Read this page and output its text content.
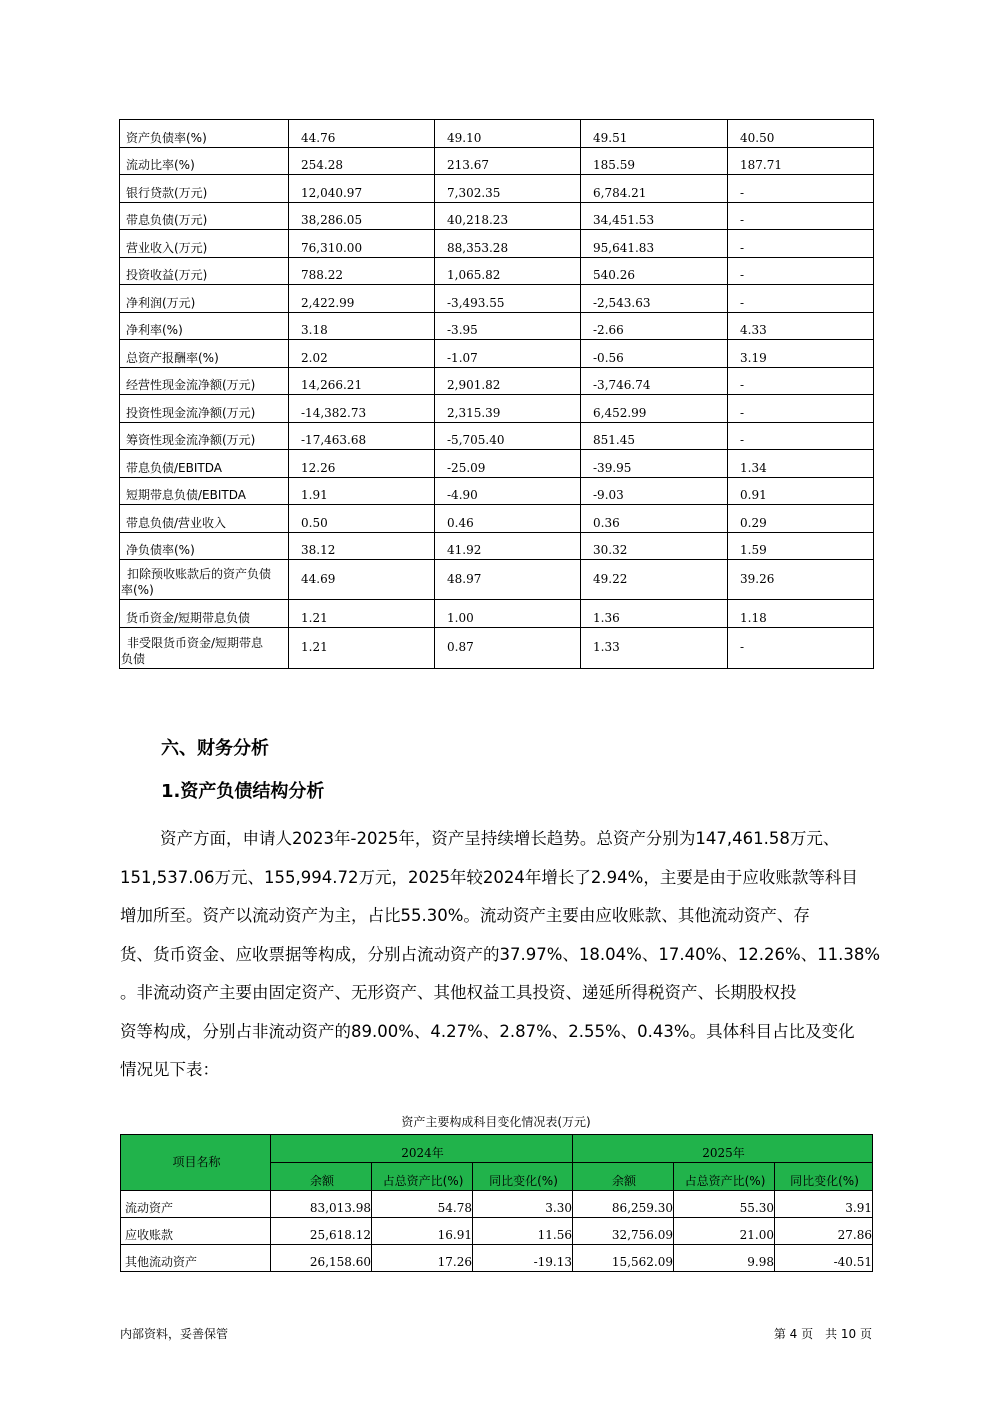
资产负债率(%)	44.76	49.10	49.51	40.50
流动比率(%)	254.28	213.67	185.59	187.71
银行贷款(万元)	12,040.97	7,302.35	6,784.21	-
带息负债(万元)	38,286.05	40,218.23	34,451.53	-
营业收入(万元)	76,310.00	88,353.28	95,641.83	-
投资收益(万元)	788.22	1,065.82	540.26	-
净利润(万元)	2,422.99	-3,493.55	-2,543.63	-
净利率(%)	3.18	-3.95	-2.66	4.33
总资产报酬率(%)	2.02	-1.07	-0.56	3.19
经营性现金流净额(万元)	14,266.21	2,901.82	-3,746.74	-
投资性现金流净额(万元)	-14,382.73	2,315.39	6,452.99	-
筹资性现金流净额(万元)	-17,463.68	-5,705.40	851.45	-
带息负债/EBITDA	12.26	-25.09	-39.95	1.34
短期带息负债/EBITDA	1.91	-4.90	-9.03	0.91
带息负债/营业收入	0.50	0.46	0.36	0.29
净负债率(%)	38.12	41.92	30.32	1.59

扣除预收账款后的资产负债
率(%)	44.69	48.97	49.22	39.26
货币资金/短期带息负债	1.21	1.00	1.36	1.18

非受限货币资金/短期带息
负债	1.21	0.87	1.33	-
六、财务分析
1.资产负债结构分析
资产方面，申请人2023年-2025年，资产呈持续增长趋势。总资产分别为147,461.58万元、
151,537.06万元、155,994.72万元，2025年较2024年增长了2.94%，主要是由于应收账款等科目
增加所至。资产以流动资产为主，占比55.30%。流动资产主要由应收账款、其他流动资产、存
货、货币资金、应收票据等构成，分别占流动资产的37.97%、18.04%、17.40%、12.26%、11.38%
。非流动资产主要由固定资产、无形资产、其他权益工具投资、递延所得税资产、长期股权投
资等构成，分别占非流动资产的89.00%、4.27%、2.87%、2.55%、0.43%。具体科目占比及变化
情况见下表：
资产主要构成科目变化情况表(万元)
项目名称	2024年			2025年		
	余额	占总资产比(%)	同比变化(%)	余额	占总资产比(%)	同比变化(%)
流动资产	83,013.98	54.78	3.30	86,259.30	55.30	3.91
应收账款	25,618.12	16.91	11.56	32,756.09	21.00	27.86
其他流动资产	26,158.60	17.26	-19.13	15,562.09	9.98	-40.51
内部资料，妥善保管	第 4 页　共 10 页
